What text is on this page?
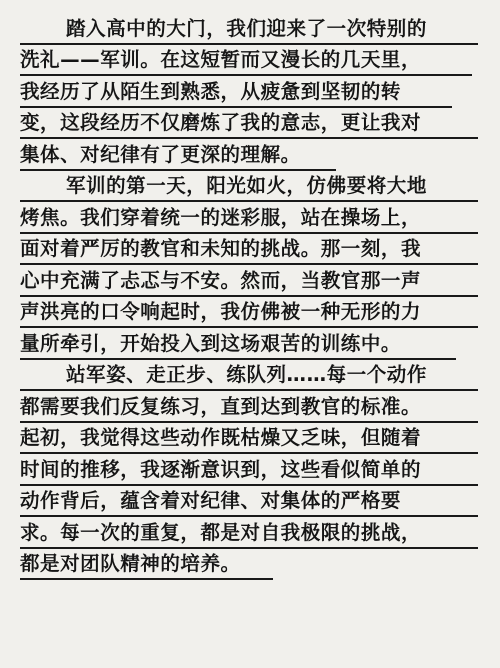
踏入高中的大门，我们迎来了一次特别的
洗礼——军训。在这短暂而又漫长的几天里，
我经历了从陌生到熟悉，从疲惫到坚韧的转
变，这段经历不仅磨炼了我的意志，更让我对
集体、对纪律有了更深的理解。
军训的第一天，阳光如火，仿佛要将大地
烤焦。我们穿着统一的迷彩服，站在操场上，
面对着严厉的教官和未知的挑战。那一刻，我
心中充满了忐忑与不安。然而，当教官那一声
声洪亮的口令响起时，我仿佛被一种无形的力
量所牵引，开始投入到这场艰苦的训练中。
站军姿、走正步、练队列……每一个动作
都需要我们反复练习，直到达到教官的标准。
起初，我觉得这些动作既枯燥又乏味，但随着
时间的推移，我逐渐意识到，这些看似简单的
动作背后，蕴含着对纪律、对集体的严格要
求。每一次的重复，都是对自我极限的挑战，
都是对团队精神的培养。
